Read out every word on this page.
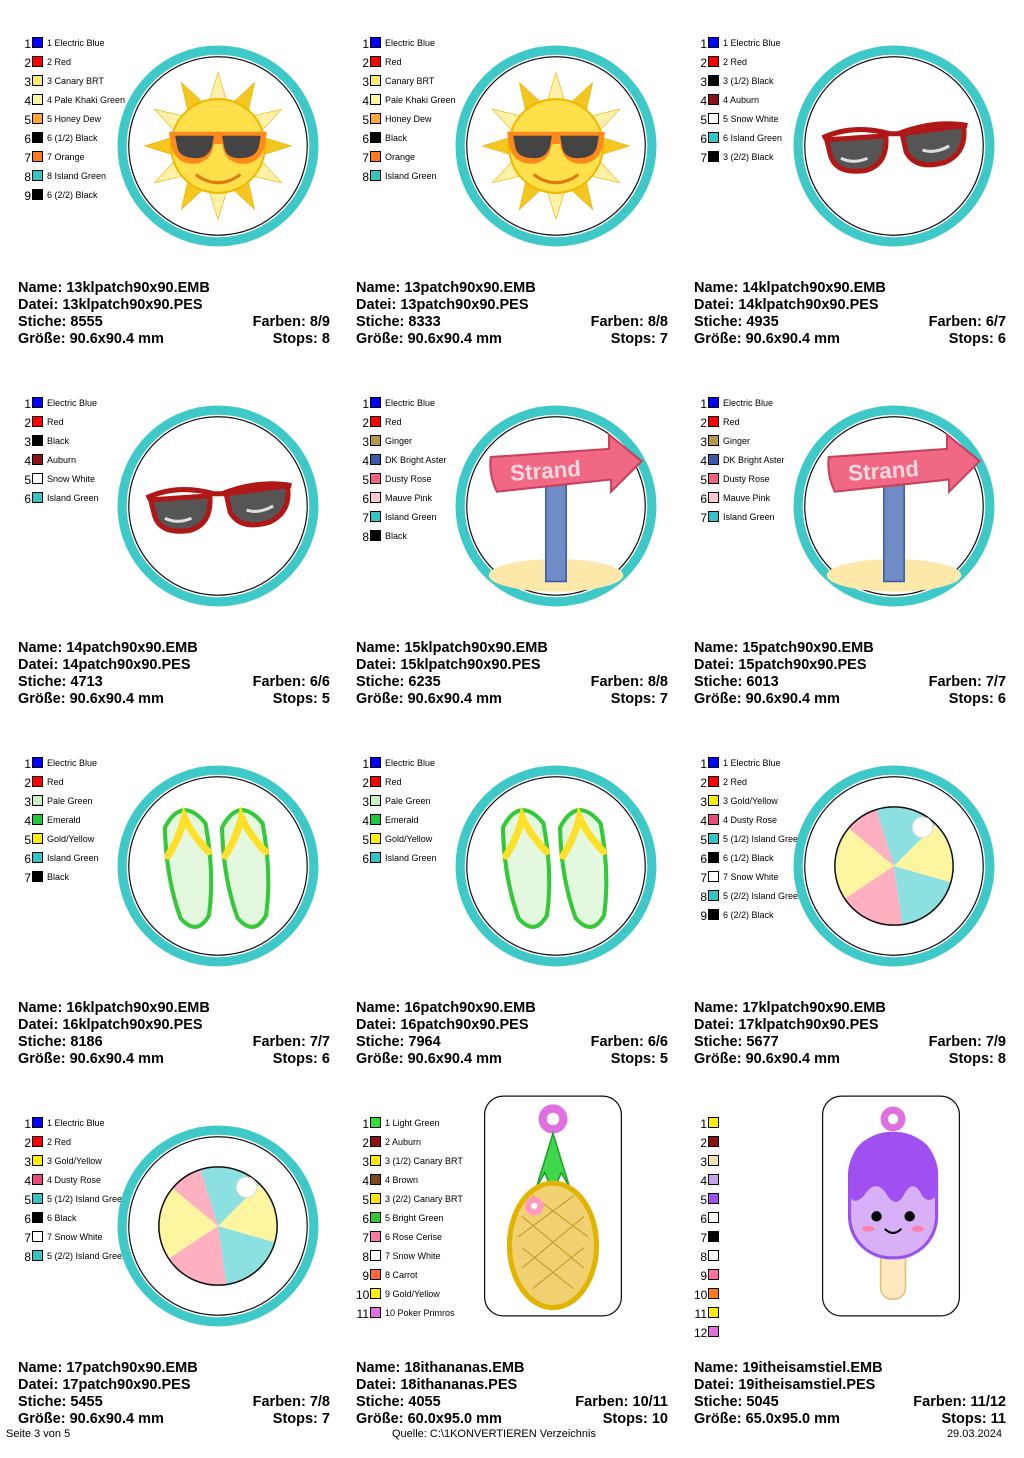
1 1 Electric Blue
2 2 Red
3 3 Canary BRT
4 4 Pale Khaki Green
5 5 Honey Dew
6 6 (1/2) Black
7 7 Orange
8 8 Island Green
9 6 (2/2) Black
Name: 13klpatch90x90.EMB
Datei: 13klpatch90x90.PES
Stiche: 8555	Farben: 8/9
Größe: 90.6x90.4 mm	Stops: 8
1 Electric Blue
2 Red
3 Canary BRT
4 Pale Khaki Green
5 Honey Dew
6 Black
7 Orange
8 Island Green
Name: 13patch90x90.EMB
Datei: 13patch90x90.PES
Stiche: 8333	Farben: 8/8
Größe: 90.6x90.4 mm	Stops: 7
1 1 Electric Blue
2 2 Red
3 3 (1/2) Black
4 4 Auburn
5 5 Snow White
6 6 Island Green
7 3 (2/2) Black
Name: 14klpatch90x90.EMB
Datei: 14klpatch90x90.PES
Stiche: 4935	Farben: 6/7
Größe: 90.6x90.4 mm	Stops: 6
1 Electric Blue
2 Red
3 Black
4 Auburn
5 Snow White
6 Island Green
Name: 14patch90x90.EMB
Datei: 14patch90x90.PES
Stiche: 4713	Farben: 6/6
Größe: 90.6x90.4 mm	Stops: 5
1 Electric Blue
2 Red
3 Ginger
4 DK Bright Aster
5 Dusty Rose
6 Mauve Pink
7 Island Green
8 Black
Strand
Name: 15klpatch90x90.EMB
Datei: 15klpatch90x90.PES
Stiche: 6235	Farben: 8/8
Größe: 90.6x90.4 mm	Stops: 7
1 Electric Blue
2 Red
3 Ginger
4 DK Bright Aster
5 Dusty Rose
6 Mauve Pink
7 Island Green
Strand
Name: 15patch90x90.EMB
Datei: 15patch90x90.PES
Stiche: 6013	Farben: 7/7
Größe: 90.6x90.4 mm	Stops: 6
1 Electric Blue
2 Red
3 Pale Green
4 Emerald
5 Gold/Yellow
6 Island Green
7 Black
Name: 16klpatch90x90.EMB
Datei: 16klpatch90x90.PES
Stiche: 8186	Farben: 7/7
Größe: 90.6x90.4 mm	Stops: 6
1 Electric Blue
2 Red
3 Pale Green
4 Emerald
5 Gold/Yellow
6 Island Green
Name: 16patch90x90.EMB
Datei: 16patch90x90.PES
Stiche: 7964	Farben: 6/6
Größe: 90.6x90.4 mm	Stops: 5
1 1 Electric Blue
2 2 Red
3 3 Gold/Yellow
4 4 Dusty Rose
5 5 (1/2) Island Green
6 6 (1/2) Black
7 7 Snow White
8 5 (2/2) Island Green
9 6 (2/2) Black
Name: 17klpatch90x90.EMB
Datei: 17klpatch90x90.PES
Stiche: 5677	Farben: 7/9
Größe: 90.6x90.4 mm	Stops: 8
1 1 Electric Blue
2 2 Red
3 3 Gold/Yellow
4 4 Dusty Rose
5 5 (1/2) Island Green
6 6 Black
7 7 Snow White
8 5 (2/2) Island Green
Name: 17patch90x90.EMB
Datei: 17patch90x90.PES
Stiche: 5455	Farben: 7/8
Größe: 90.6x90.4 mm	Stops: 7
1 1 Light Green
2 2 Auburn
3 3 (1/2) Canary BRT
4 4 Brown
5 3 (2/2) Canary BRT
6 5 Bright Green
7 6 Rose Cerise
8 7 Snow White
9 8 Carrot
10 9 Gold/Yellow
11 10 Poker Primros
Name: 18ithananas.EMB
Datei: 18ithananas.PES
Stiche: 4055	Farben: 10/11
Größe: 60.0x95.0 mm	Stops: 10
1
2
3
4
5
6
7
8
9
10
11
12
Name: 19itheisamstiel.EMB
Datei: 19itheisamstiel.PES
Stiche: 5045	Farben: 11/12
Größe: 65.0x95.0 mm	Stops: 11
Seite 3 von 5	Quelle: C:\1KONVERTIEREN Verzeichnis	29.03.2024
